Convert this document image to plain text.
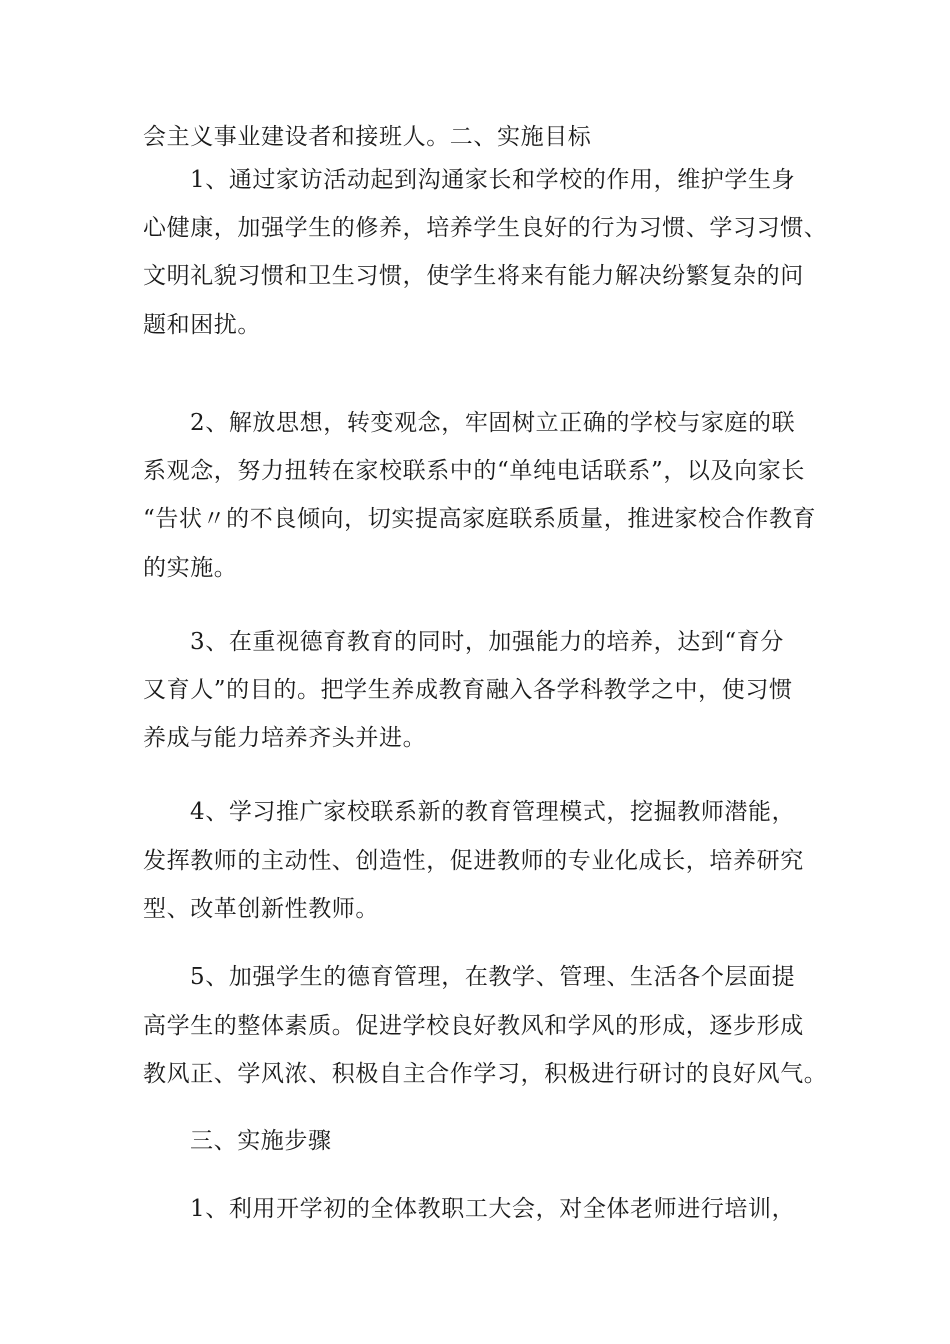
会主义事业建设者和接班人。二、实施目标
1、通过家访活动起到沟通家长和学校的作用，维护学生身
心健康，加强学生的修养，培养学生良好的行为习惯、学习习惯、
文明礼貌习惯和卫生习惯，使学生将来有能力解决纷繁复杂的问
题和困扰。
2、解放思想，转变观念，牢固树立正确的学校与家庭的联
系观念，努力扭转在家校联系中的“单纯电话联系”，以及向家长
“告状〃的不良倾向，切实提高家庭联系质量，推进家校合作教育
的实施。
3、在重视德育教育的同时，加强能力的培养，达到“育分
又育人”的目的。把学生养成教育融入各学科教学之中，使习惯
养成与能力培养齐头并进。
4、学习推广家校联系新的教育管理模式，挖掘教师潜能，
发挥教师的主动性、创造性，促进教师的专业化成长，培养研究
型、改革创新性教师。
5、加强学生的德育管理，在教学、管理、生活各个层面提
高学生的整体素质。促进学校良好教风和学风的形成，逐步形成
教风正、学风浓、积极自主合作学习，积极进行研讨的良好风气。
三、实施步骤
1、利用开学初的全体教职工大会，对全体老师进行培训，
